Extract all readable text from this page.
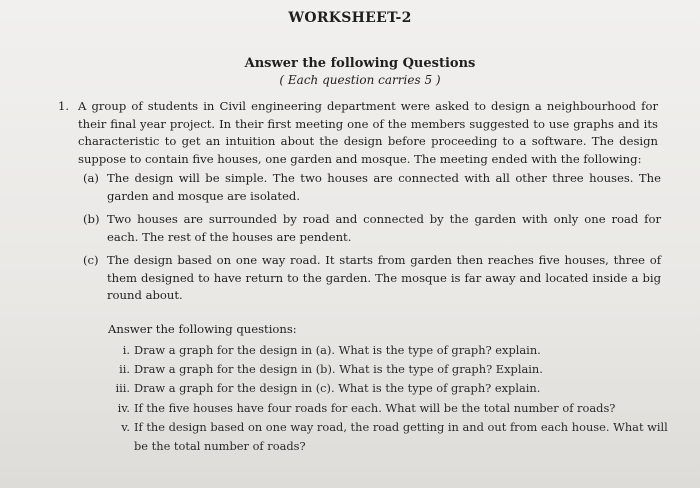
WORKSHEET-2
Answer the following Questions
( Each question carries 5 )
1. A group of students in Civil engineering department were asked to design a neighbourhood for their final year project. In their first meeting one of the members suggested to use graphs and its characteristic to get an intuition about the design before proceeding to a software. The design suppose to contain five houses, one garden and mosque. The meeting ended with the following:
(a) The design will be simple. The two houses are connected with all other three houses. The garden and mosque are isolated.
(b) Two houses are surrounded by road and connected by the garden with only one road for each. The rest of the houses are pendent.
(c) The design based on one way road. It starts from garden then reaches five houses, three of them designed to have return to the garden. The mosque is far away and located inside a big round about.
Answer the following questions:
i. Draw a graph for the design in (a). What is the type of graph? explain.
ii. Draw a graph for the design in (b). What is the type of graph? Explain.
iii. Draw a graph for the design in (c). What is the type of graph? explain.
iv. If the five houses have four roads for each. What will be the total number of roads?
v. If the design based on one way road, the road getting in and out from each house. What will be the total number of roads?
